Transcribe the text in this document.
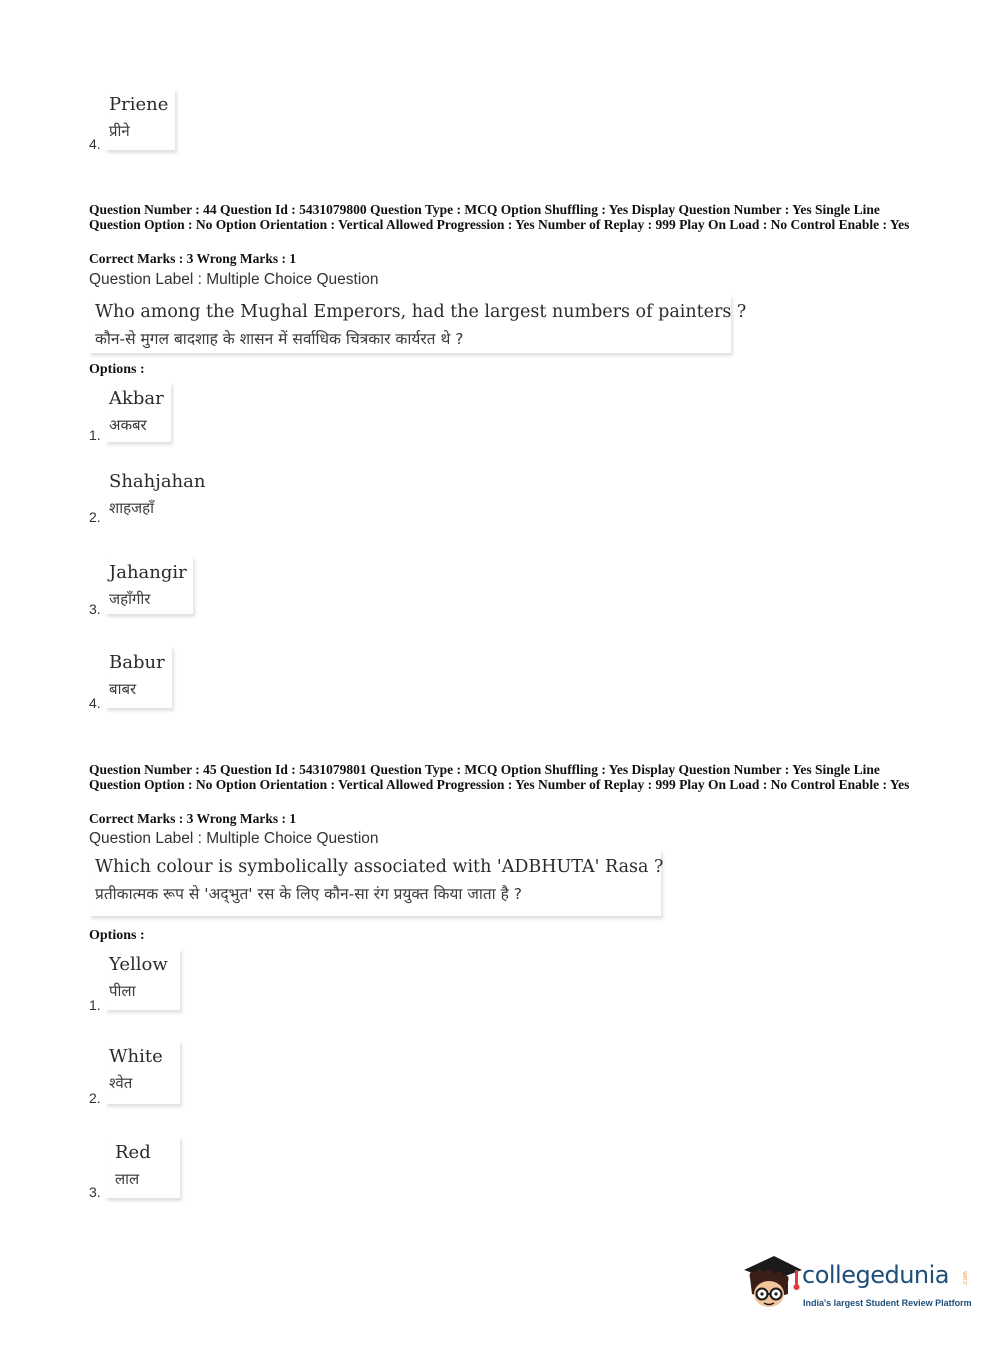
Priene
प्रीने
4.
Question Number : 44 Question Id : 5431079800 Question Type : MCQ Option Shuffling : Yes Display Question Number : Yes Single Line Question Option : No Option Orientation : Vertical Allowed Progression : Yes Number of Replay : 999 Play On Load : No Control Enable : Yes
Correct Marks : 3 Wrong Marks : 1
Question Label : Multiple Choice Question
Who among the Mughal Emperors, had the largest numbers of painters ?
कौन-से मुगल बादशाह के शासन में सर्वाधिक चित्रकार कार्यरत थे ?
Options :
Akbar
अकबर
1.
Shahjahan
शाहजहाँ
2.
Jahangir
जहाँगीर
3.
Babur
बाबर
4.
Question Number : 45 Question Id : 5431079801 Question Type : MCQ Option Shuffling : Yes Display Question Number : Yes Single Line Question Option : No Option Orientation : Vertical Allowed Progression : Yes Number of Replay : 999 Play On Load : No Control Enable : Yes
Correct Marks : 3 Wrong Marks : 1
Question Label : Multiple Choice Question
Which colour is symbolically associated with 'ADBHUTA' Rasa ?
प्रतीकात्मक रूप से 'अद्‌भुत' रस के लिए कौन-सा रंग प्रयुक्त किया जाता है ?
Options :
Yellow
पीला
1.
White
श्वेत
2.
Red
लाल
3.
collegedunia .com
India's largest Student Review Platform
